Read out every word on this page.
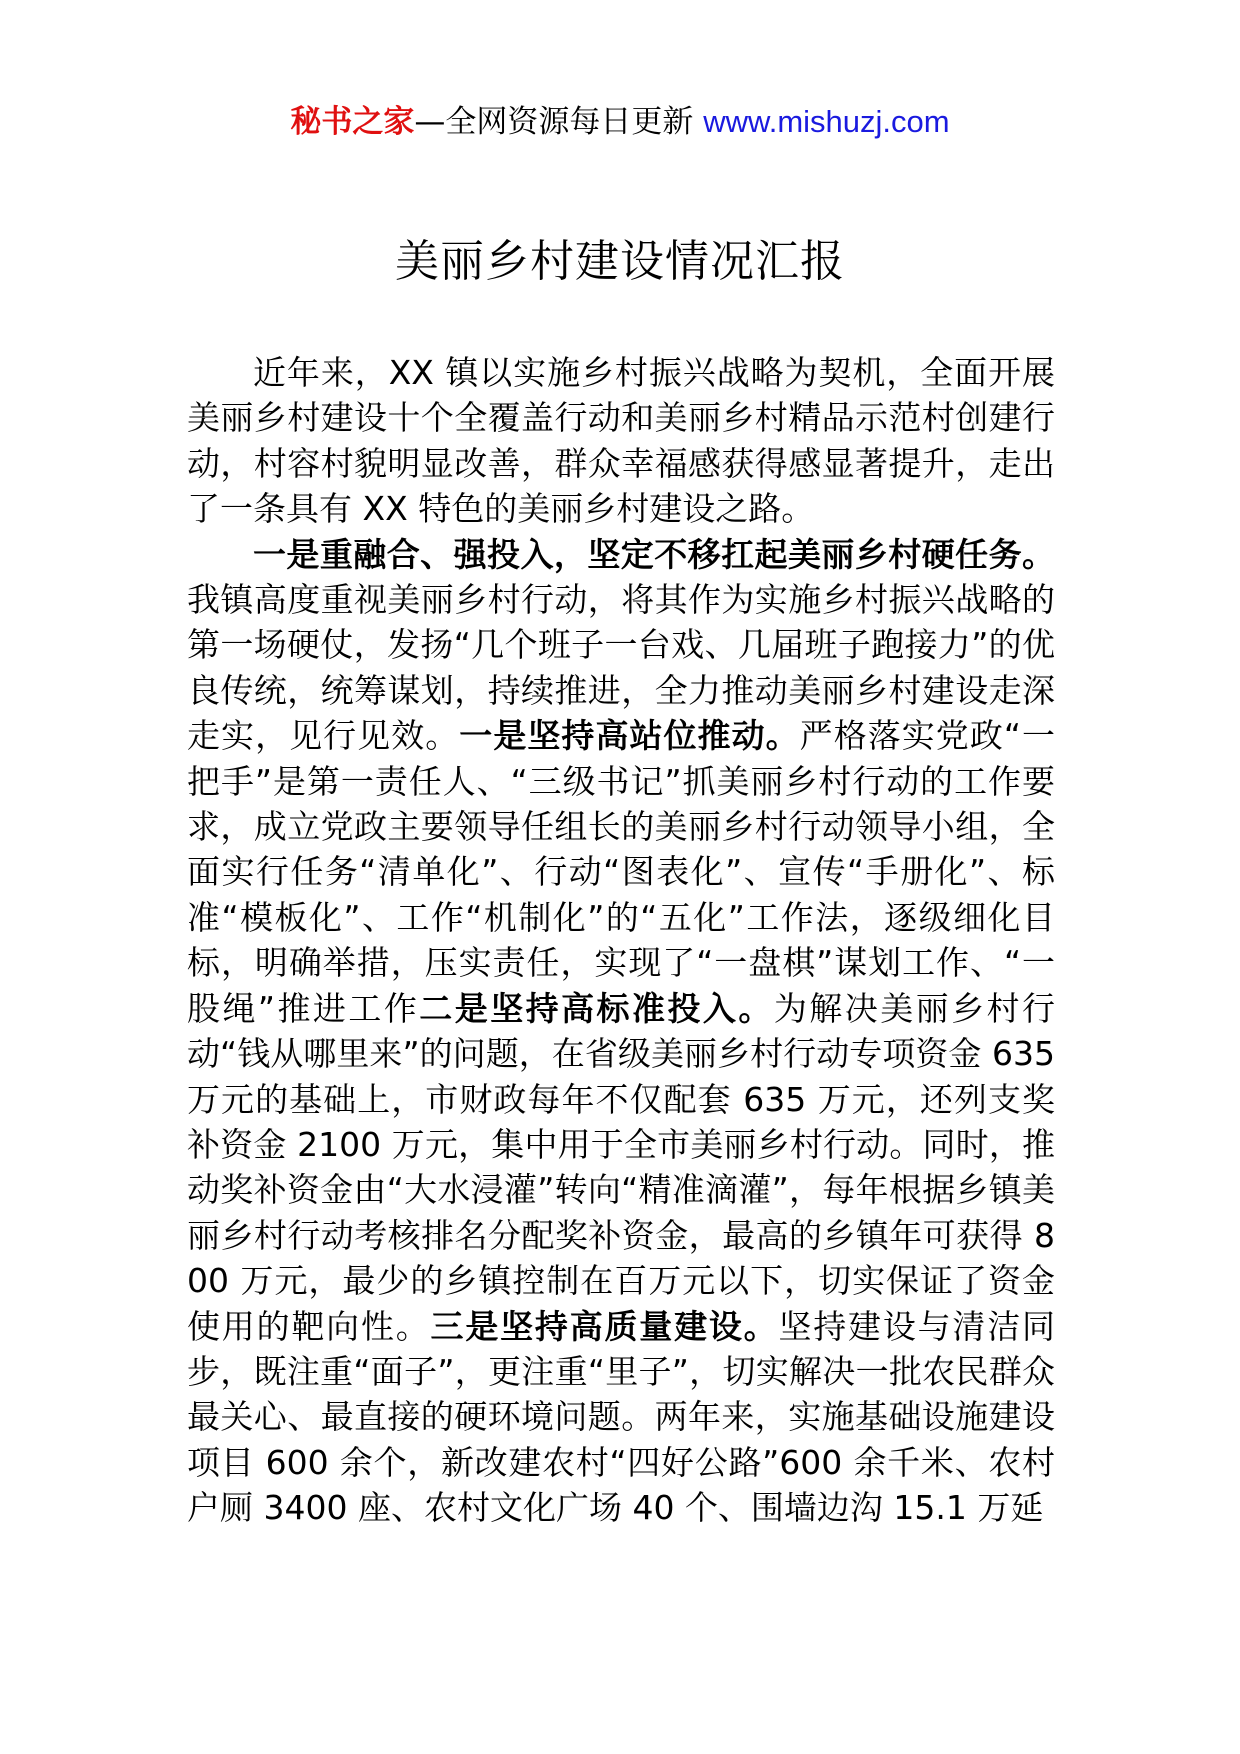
秘书之家—全网资源每日更新 www.mishuzj.com
美丽乡村建设情况汇报

近年来，XX 镇以实施乡村振兴战略为契机，全面开展美丽乡村建设十个全覆盖行动和美丽乡村精品示范村创建行动，村容村貌明显改善，群众幸福感获得感显著提升，走出了一条具有 XX 特色的美丽乡村建设之路。

一是重融合、强投入，坚定不移扛起美丽乡村硬任务。我镇高度重视美丽乡村行动，将其作为实施乡村振兴战略的第一场硬仗，发扬“几个班子一台戏、几届班子跑接力”的优良传统，统筹谋划，持续推进，全力推动美丽乡村建设走深走实，见行见效。一是坚持高站位推动。严格落实党政“一把手”是第一责任人、“三级书记”抓美丽乡村行动的工作要求，成立党政主要领导任组长的美丽乡村行动领导小组，全面实行任务“清单化”、行动“图表化”、宣传“手册化”、标准“模板化”、工作“机制化”的“五化”工作法，逐级细化目标，明确举措，压实责任，实现了“一盘棋”谋划工作、“一股绳”推进工作二是坚持高标准投入。为解决美丽乡村行动“钱从哪里来”的问题，在省级美丽乡村行动专项资金 635 万元的基础上，市财政每年不仅配套 635 万元，还列支奖补资金 2100 万元，集中用于全市美丽乡村行动。同时，推动奖补资金由“大水浸灌”转向“精准滴灌”，每年根据乡镇美丽乡村行动考核排名分配奖补资金，最高的乡镇年可获得 800 万元，最少的乡镇控制在百万元以下，切实保证了资金使用的靶向性。三是坚持高质量建设。坚持建设与清洁同步，既注重“面子”，更注重“里子”，切实解决一批农民群众最关心、最直接的硬环境问题。两年来，实施基础设施建设项目 600 余个，新改建农村“四好公路”600 余千米、农村户厕 3400 座、农村文化广场 40 个、围墙边沟 15.1 万延
